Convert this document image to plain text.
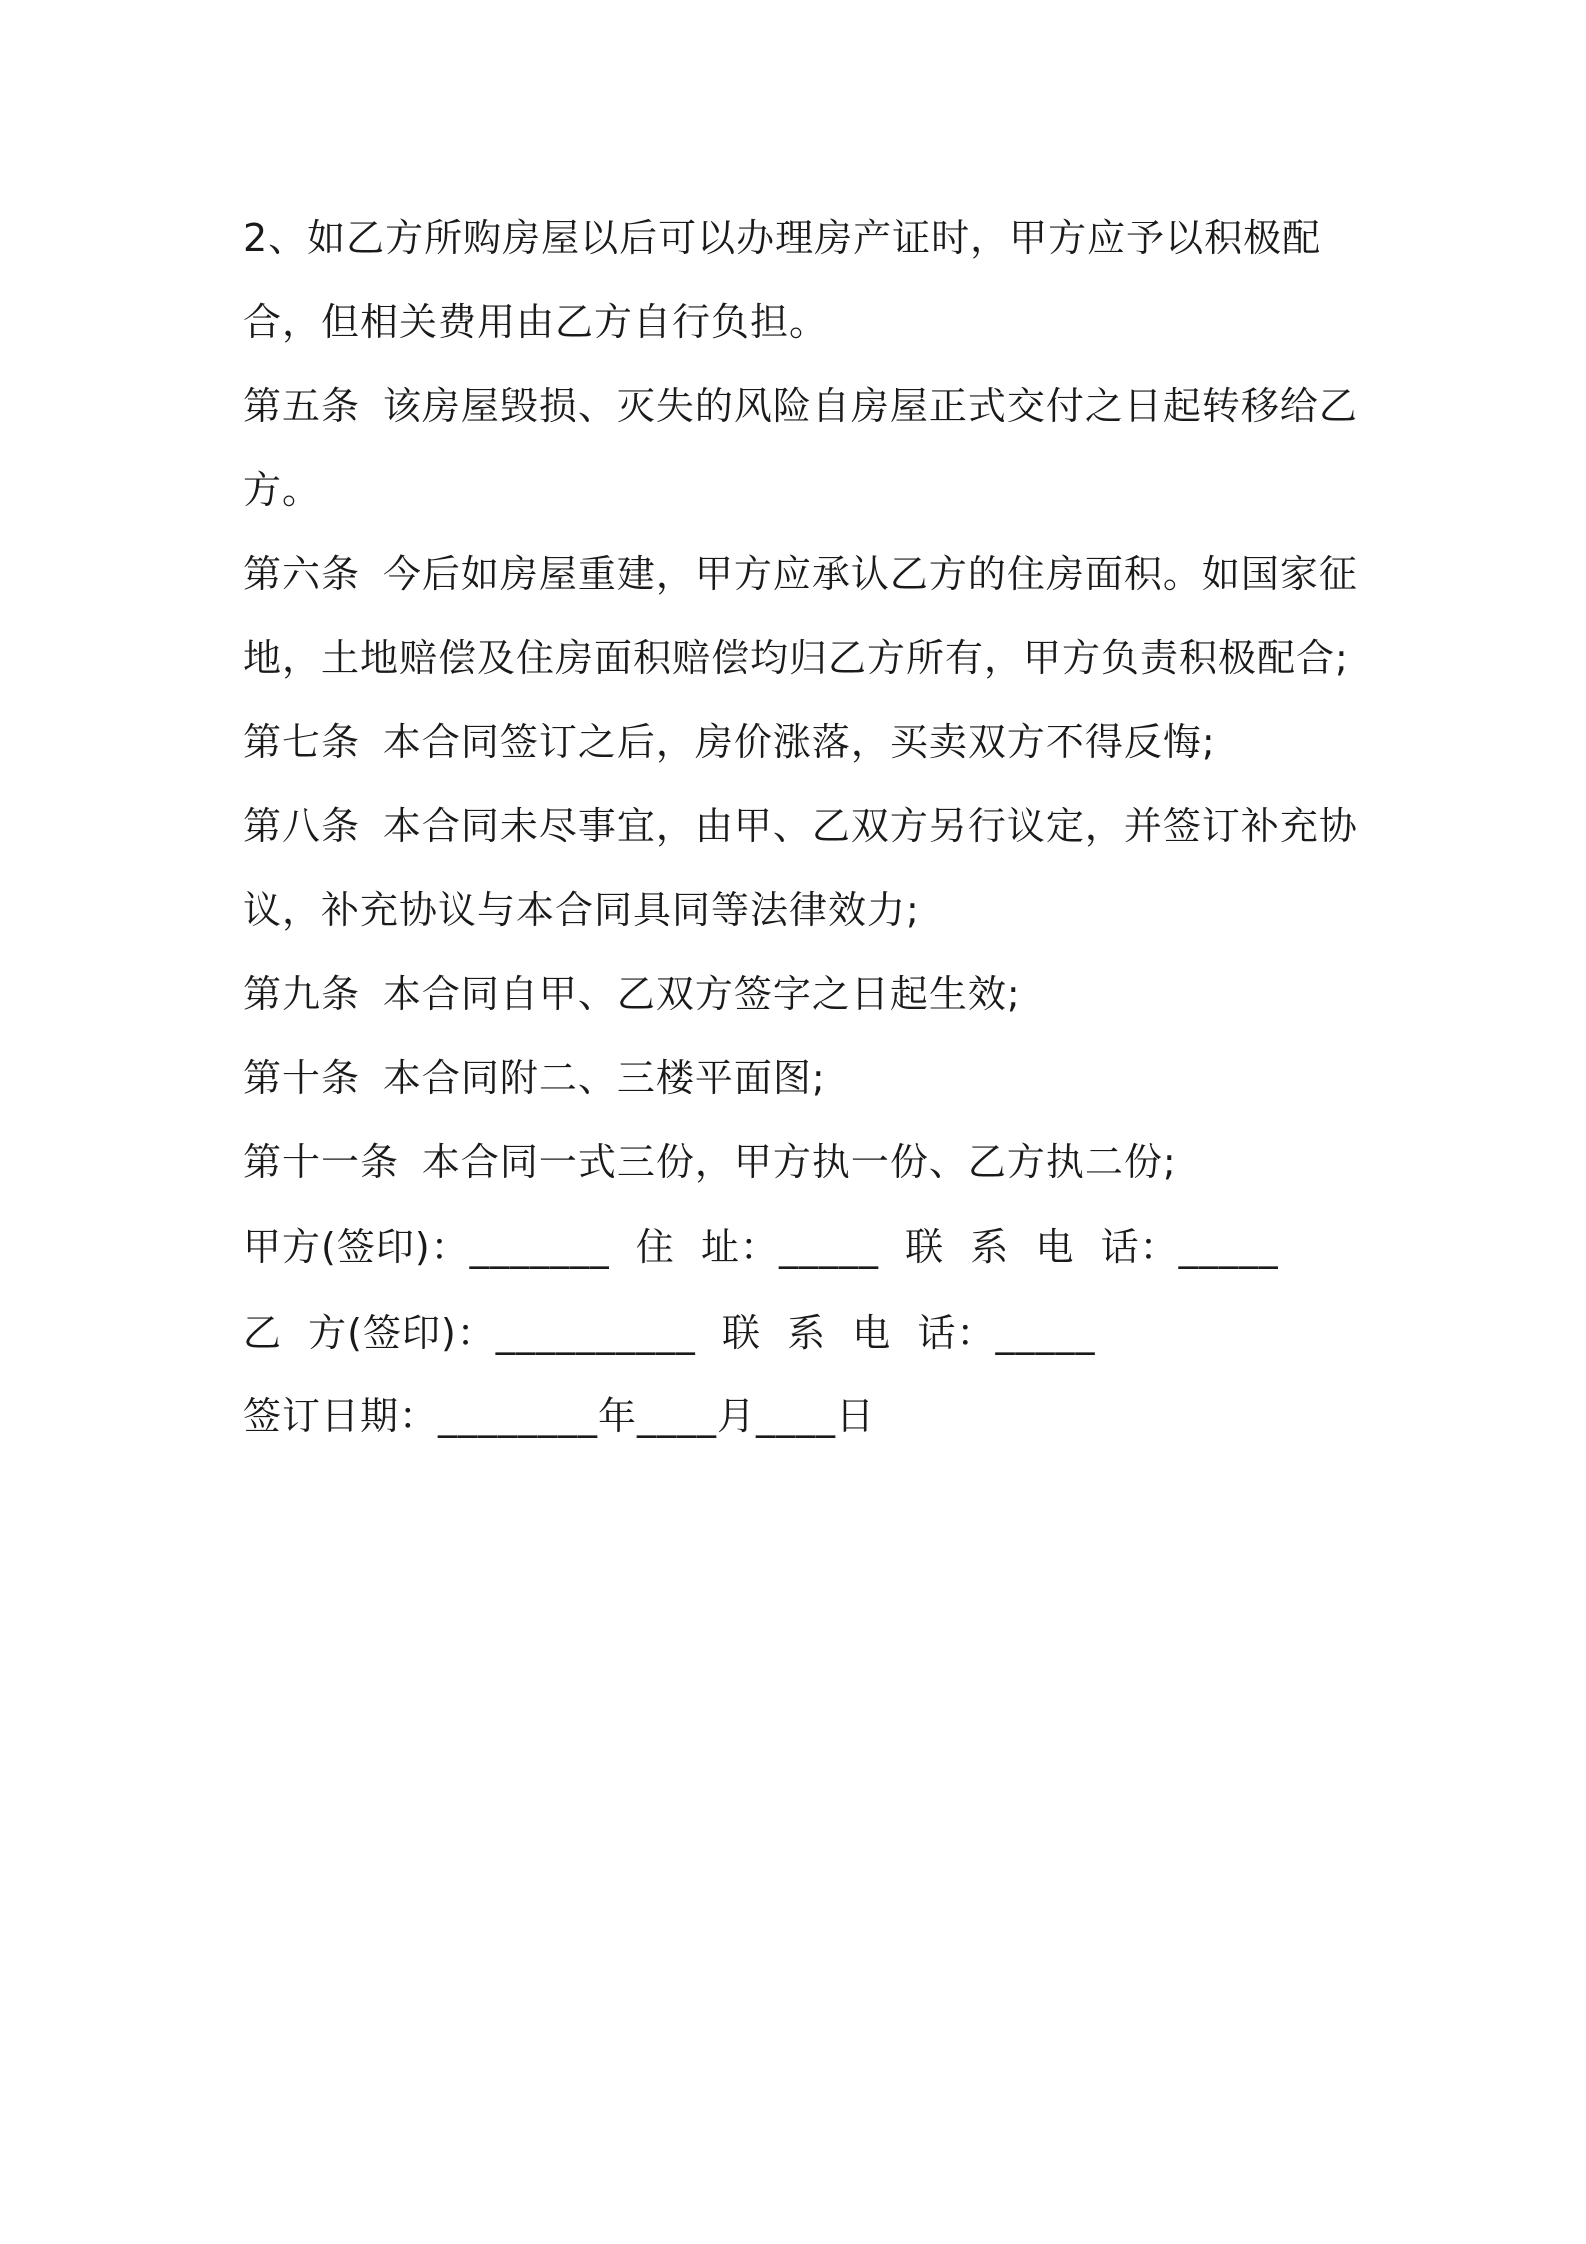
2、如乙方所购房屋以后可以办理房产证时，甲方应予以积极配合，但相关费用由乙方自行负担。

第五条 该房屋毁损、灭失的风险自房屋正式交付之日起转移给乙方。

第六条 今后如房屋重建，甲方应承认乙方的住房面积。如国家征地，土地赔偿及住房面积赔偿均归乙方所有，甲方负责积极配合;

第七条 本合同签订之后，房价涨落，买卖双方不得反悔;

第八条 本合同未尽事宜，由甲、乙双方另行议定，并签订补充协议，补充协议与本合同具同等法律效力;

第九条 本合同自甲、乙双方签字之日起生效;

第十条 本合同附二、三楼平面图;

第十一条 本合同一式三份，甲方执一份、乙方执二份;

甲方(签印)：_______  住  址：_____  联  系  电  话：_____

乙  方(签印)：__________  联  系  电  话：_____

签订日期：________年____月____日
